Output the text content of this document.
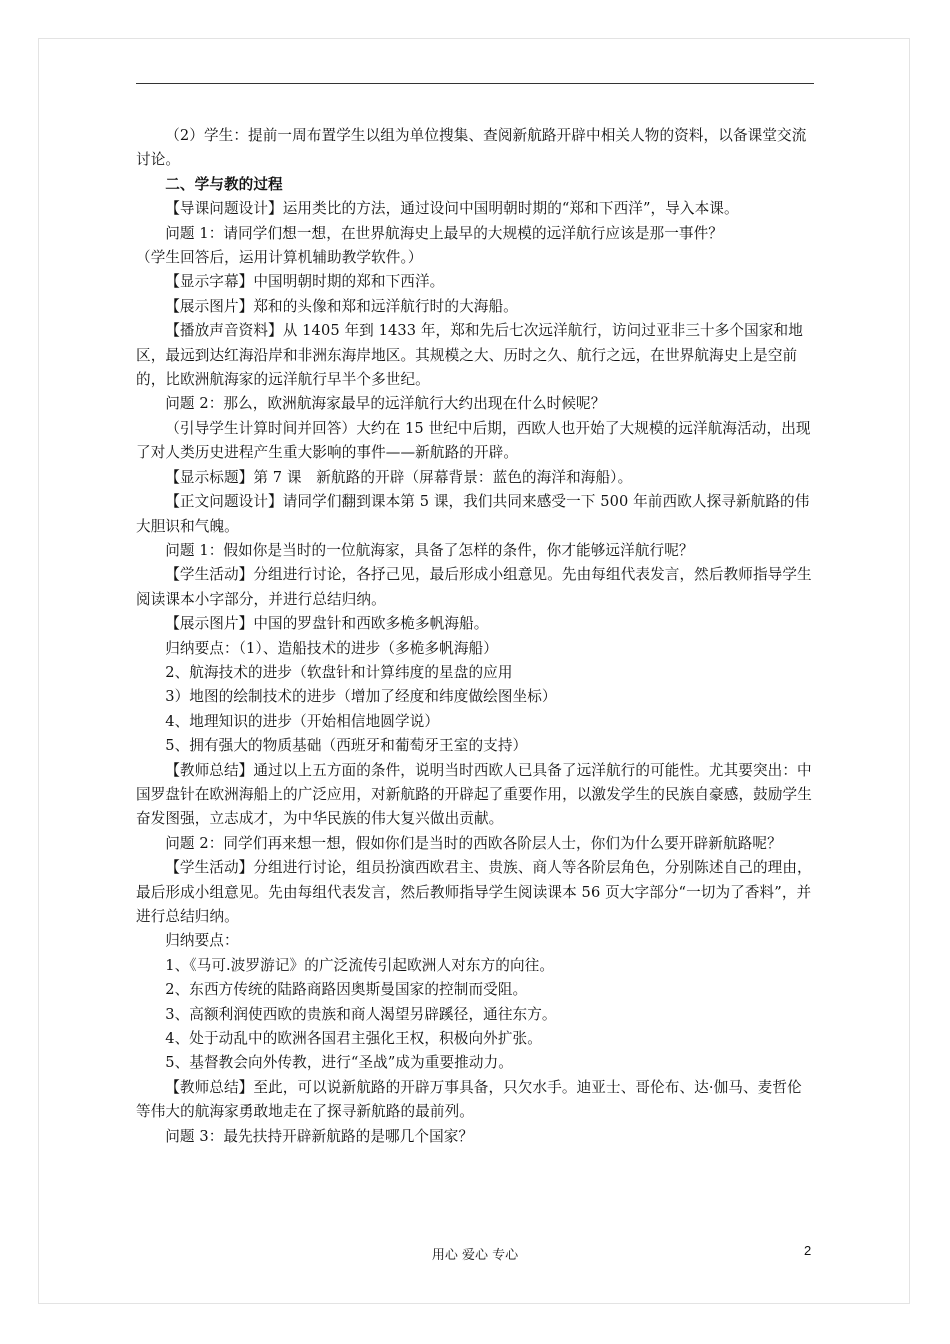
（2）学生：提前一周布置学生以组为单位搜集、查阅新航路开辟中相关人物的资料，以备课堂交流讨论。

二、学与教的过程

【导课问题设计】运用类比的方法，通过设问中国明朝时期的“郑和下西洋”，导入本课。

问题 1：请同学们想一想，在世界航海史上最早的大规模的远洋航行应该是那一事件？

（学生回答后，运用计算机辅助教学软件。）

【显示字幕】中国明朝时期的郑和下西洋。

【展示图片】郑和的头像和郑和远洋航行时的大海船。

【播放声音资料】从 1405 年到 1433 年，郑和先后七次远洋航行，访问过亚非三十多个国家和地区，最远到达红海沿岸和非洲东海岸地区。其规模之大、历时之久、航行之远，在世界航海史上是空前的，比欧洲航海家的远洋航行早半个多世纪。

问题 2：那么，欧洲航海家最早的远洋航行大约出现在什么时候呢？

（引导学生计算时间并回答）大约在 15 世纪中后期，西欧人也开始了大规模的远洋航海活动，出现了对人类历史进程产生重大影响的事件——新航路的开辟。

【显示标题】第 7 课　新航路的开辟（屏幕背景：蓝色的海洋和海船）。

【正文问题设计】请同学们翻到课本第 5 课，我们共同来感受一下 500 年前西欧人探寻新航路的伟大胆识和气魄。

问题 1：假如你是当时的一位航海家，具备了怎样的条件，你才能够远洋航行呢？

【学生活动】分组进行讨论，各抒己见，最后形成小组意见。先由每组代表发言，然后教师指导学生阅读课本小字部分，并进行总结归纳。

【展示图片】中国的罗盘针和西欧多桅多帆海船。

归纳要点：（1）、造船技术的进步（多桅多帆海船）

2、航海技术的进步（软盘针和计算纬度的星盘的应用

3）地图的绘制技术的进步（增加了经度和纬度做绘图坐标）

4、地理知识的进步（开始相信地圆学说）

5、拥有强大的物质基础（西班牙和葡萄牙王室的支持）

【教师总结】通过以上五方面的条件，说明当时西欧人已具备了远洋航行的可能性。尤其要突出：中国罗盘针在欧洲海船上的广泛应用，对新航路的开辟起了重要作用，以激发学生的民族自豪感，鼓励学生奋发图强，立志成才，为中华民族的伟大复兴做出贡献。

问题 2：同学们再来想一想，假如你们是当时的西欧各阶层人士，你们为什么要开辟新航路呢？

【学生活动】分组进行讨论，组员扮演西欧君主、贵族、商人等各阶层角色，分别陈述自己的理由，最后形成小组意见。先由每组代表发言，然后教师指导学生阅读课本 56 页大字部分“一切为了香料”，并进行总结归纳。

归纳要点：

1、《马可.波罗游记》的广泛流传引起欧洲人对东方的向往。

2、东西方传统的陆路商路因奥斯曼国家的控制而受阻。

3、高额利润使西欧的贵族和商人渴望另辟蹊径，通往东方。

4、处于动乱中的欧洲各国君主强化王权，积极向外扩张。

5、基督教会向外传教，进行“圣战”成为重要推动力。

【教师总结】至此，可以说新航路的开辟万事具备，只欠水手。迪亚士、哥伦布、达·伽马、麦哲伦等伟大的航海家勇敢地走在了探寻新航路的最前列。

问题 3：最先扶持开辟新航路的是哪几个国家？

用心 爱心 专心	2
